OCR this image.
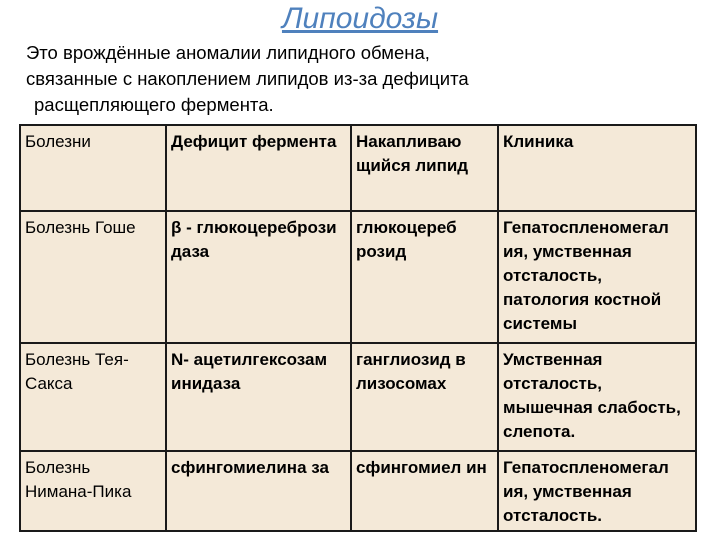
Липоидозы
Это врождённые аномалии липидного обмена,
связанные с накоплением липидов из-за дефицита
расщепляющего фермента.
Болезни	Дефицит фермента	Накапливаю щийся липид	Клиника
Болезнь Гоше	β - глюкоцеребрози даза	глюкоцереб розид	Гепатоспленомегал ия, умственная отсталость, патология костной системы
Болезнь Тея-Сакса	N- ацетилгексозам инидаза	ганглиозид в лизосомах	Умственная отсталость, мышечная слабость, слепота.
Болезнь Нимана-Пика	сфингомиелина за	сфингомиел ин	Гепатоспленомегал ия, умственная отсталость.
